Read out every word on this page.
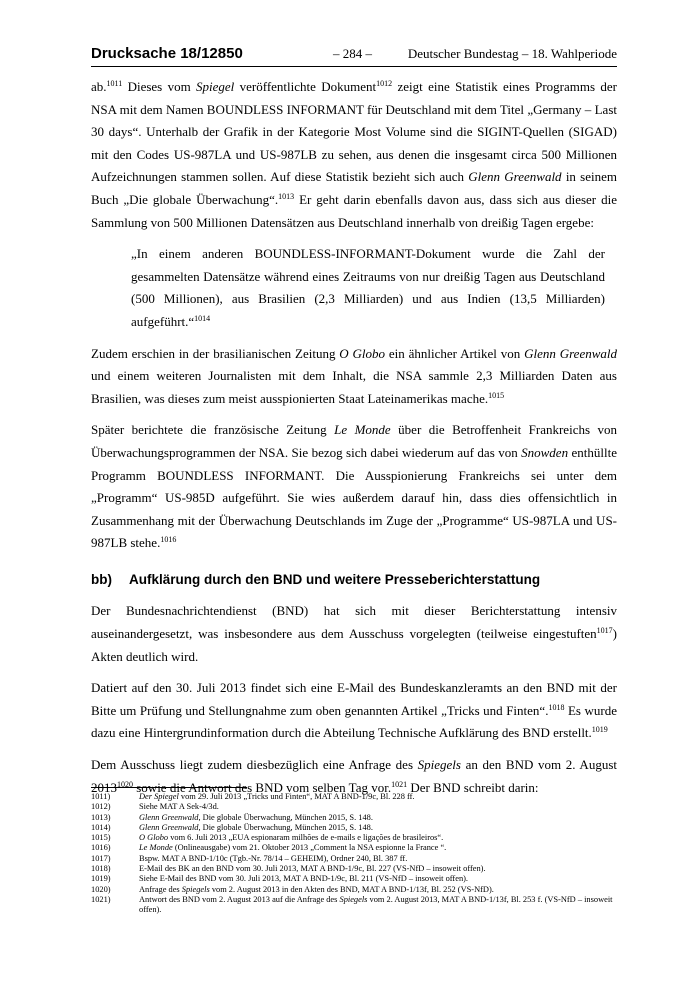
Drucksache 18/12850	– 284 –	Deutscher Bundestag – 18. Wahlperiode

ab.$^{1011}$ Dieses vom Spiegel veröffentlichte Dokument$^{1012}$ zeigt eine Statistik eines Programms der NSA mit dem Namen BOUNDLESS INFORMANT für Deutschland mit dem Titel „Germany – Last 30 days“. Unterhalb der Grafik in der Kategorie Most Volume sind die SIGINT-Quellen (SIGAD) mit den Codes US-987LA und US-987LB zu sehen, aus denen die insgesamt circa 500 Millionen Aufzeichnungen stammen sollen. Auf diese Statistik bezieht sich auch Glenn Greenwald in seinem Buch „Die globale Überwachung“.$^{1013}$ Er geht darin ebenfalls davon aus, dass sich aus dieser die Sammlung von 500 Millionen Datensätzen aus Deutschland innerhalb von dreißig Tagen ergebe:

„In einem anderen BOUNDLESS-INFORMANT-Dokument wurde die Zahl der gesammelten Datensätze während eines Zeitraums von nur dreißig Tagen aus Deutschland (500 Millionen), aus Brasilien (2,3 Milliarden) und aus Indien (13,5 Milliarden) aufgeführt.“$^{1014}$

Zudem erschien in der brasilianischen Zeitung O Globo ein ähnlicher Artikel von Glenn Greenwald und einem weiteren Journalisten mit dem Inhalt, die NSA sammle 2,3 Milliarden Daten aus Brasilien, was dieses zum meist ausspionierten Staat Lateinamerikas mache.$^{1015}$

Später berichtete die französische Zeitung Le Monde über die Betroffenheit Frankreichs von Überwachungsprogrammen der NSA. Sie bezog sich dabei wiederum auf das von Snowden enthüllte Programm BOUNDLESS INFORMANT. Die Ausspionierung Frankreichs sei unter dem „Programm“ US-985D aufgeführt. Sie wies außerdem darauf hin, dass dies offensichtlich in Zusammenhang mit der Überwachung Deutschlands im Zuge der „Programme“ US-987LA und US-987LB stehe.$^{1016}$

bb) Aufklärung durch den BND und weitere Presseberichterstattung

Der Bundesnachrichtendienst (BND) hat sich mit dieser Berichterstattung intensiv auseinandergesetzt, was insbesondere aus dem Ausschuss vorgelegten (teilweise eingestuften$^{1017}$) Akten deutlich wird.

Datiert auf den 30. Juli 2013 findet sich eine E-Mail des Bundeskanzleramts an den BND mit der Bitte um Prüfung und Stellungnahme zum oben genannten Artikel „Tricks und Finten“.$^{1018}$ Es wurde dazu eine Hintergrundinformation durch die Abteilung Technische Aufklärung des BND erstellt.$^{1019}$

Dem Ausschuss liegt zudem diesbezüglich eine Anfrage des Spiegels an den BND vom 2. August $2013^{1020}$ sowie die Antwort des BND vom selben Tag vor.$^{1021}$ Der BND schreibt darin:

1011)	Der Spiegel vom 29. Juli 2013 „Tricks und Finten“, MAT A BND-1/9c, Bl. 228 ff.
1012)	Siehe MAT A Sek-4/3d.
1013)	Glenn Greenwald, Die globale Überwachung, München 2015, S. 148.
1014)	Glenn Greenwald, Die globale Überwachung, München 2015, S. 148.
1015)	O Globo vom 6. Juli 2013 „EUA espionaram milhões de e-mails e ligações de brasileiros“.
1016)	Le Monde (Onlineausgabe) vom 21. Oktober 2013 „Comment la NSA espionne la France “.
1017)	Bspw. MAT A BND-1/10c (Tgb.-Nr. 78/14 – GEHEIM), Ordner 240, Bl. 387 ff.
1018)	E-Mail des BK an den BND vom 30. Juli 2013, MAT A BND-1/9c, Bl. 227 (VS-NfD – insoweit offen).
1019)	Siehe E-Mail des BND vom 30. Juli 2013, MAT A BND-1/9c, Bl. 211 (VS-NfD – insoweit offen).
1020)	Anfrage des Spiegels vom 2. August 2013 in den Akten des BND, MAT A BND-1/13f, Bl. 252 (VS-NfD).
1021)	Antwort des BND vom 2. August 2013 auf die Anfrage des Spiegels vom 2. August 2013, MAT A BND-1/13f, Bl. 253 f. (VS-NfD – insoweit offen).
